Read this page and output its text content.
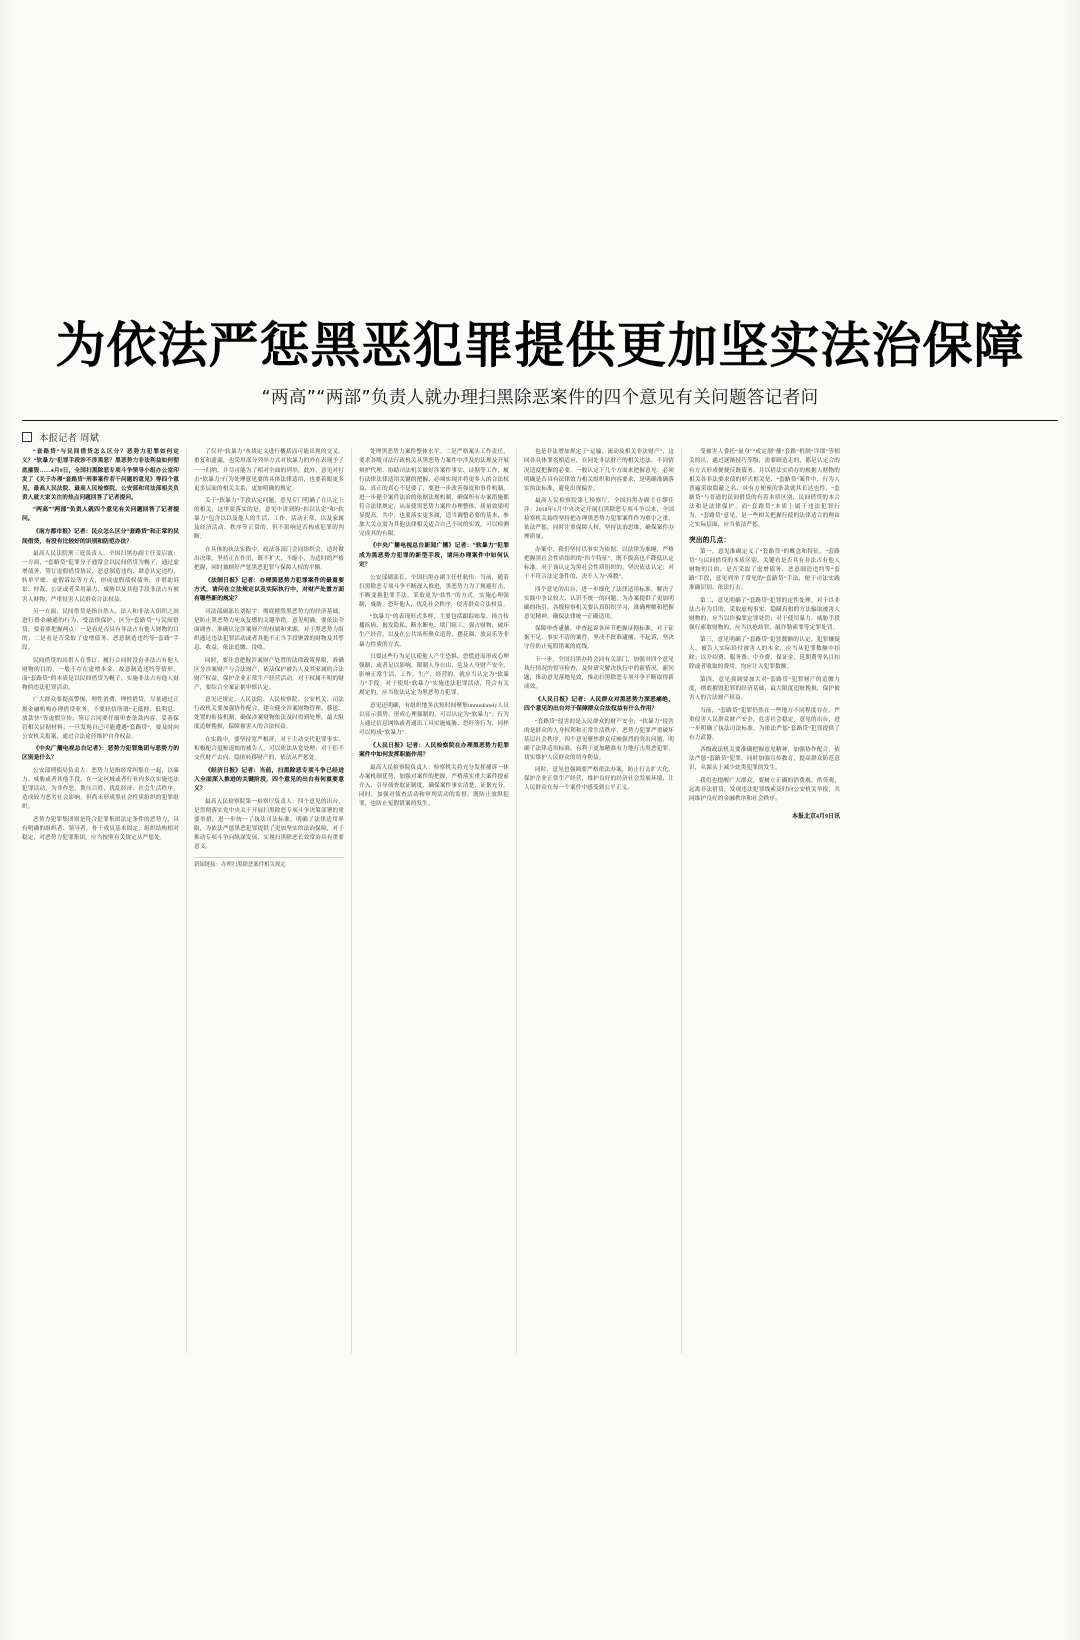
为依法严惩黑恶犯罪提供更加坚实法治保障
“两高”“两部”负责人就办理扫黑除恶案件的四个意见有关问题答记者问
本报记者 周斌

“套路贷”与民间借贷怎么区分？恶势力犯罪如何定义？“软暴力”犯罪手段涉不涉黑恶？黑恶势力非法利益如何彻底摧毁……4月9日，全国扫黑除恶专项斗争领导小组办公室印发了《关于办理“套路贷”刑事案件若干问题的意见》等四个意见，最高人民法院、最高人民检察院、公安部和司法部相关负责人就大家关注的热点问题回答了记者提问。

“两高”“两部”负责人就四个意见有关问题回答了记者提问。

《南方都市报》记者：民众怎么区分“套路贷”和正常的民间借贷，有没有比较好的识别和防范办法？

最高人民法院刑三庭负责人、全国扫黑办副主任姜启波：一方面，“套路贷”犯罪分子通常会以民间借贷为幌子，通过虚增债务、签订虚假借贷协议、恶意制造违约、肆意认定违约、转单平账、虚假诉讼等方式，形成虚假债权债务，并借助诉讼、仲裁、公证或者采用暴力、威胁以及其他手段非法占有被害人财物，严重侵害人民群众合法权益。

另一方面，民间借贷是指自然人、法人和非法人组织之间进行资金融通的行为，受法律保护。区分“套路贷”与民间借贷，要着重把握两点：一是看是否具有非法占有他人财物的目的；二是看是否采取了虚增债务、恶意制造违约等“套路”手段。

民间借贷的出借人在签订、履行合同时没有非法占有他人财物的目的，一般不存在虚增本金、故意制造违约等情形。而“套路贷”的本质是以民间借贷为幌子，实施非法占有他人财物的违法犯罪活动。

广大群众要提高警惕，理性消费、理性借贷，尽量通过正规金融机构办理借贷业务，不要轻信所谓“无抵押、低利息、放款快”等虚假宣传；签订合同要仔细审查条款内容，妥善保管相关证据材料；一旦发现自己可能遭遇“套路贷”，要及时向公安机关报案，通过合法途径维护自身权益。

《中央广播电视总台记者》：恶势力犯罪集团与恶势力的区别是什么？

公安部刑侦局负责人：恶势力是指经常纠集在一起，以暴力、威胁或者其他手段，在一定区域或者行业内多次实施违法犯罪活动，为非作恶，欺压百姓，扰乱经济、社会生活秩序，造成较为恶劣社会影响，但尚未形成黑社会性质组织的犯罪组织。

恶势力犯罪集团则是符合犯罪集团法定条件的恶势力，具有明确的组织者、领导者，骨干成员基本固定，组织结构相对稳定，对恶势力犯罪集团，应当按照有关规定从严惩处。

了仅对“软暴力”本质定义进行概括而可能出现的交叉、重复和遗漏，也采用部分列举方式对软暴力的外在表现予了一一归纳，并尽可能为了相对全面的列举，此外，意见对打击“软暴力”行为处理意见要的具体法律适用，也要着眼更多更多层面的相关关系，更加明确的规定。

关于“软暴力”手段认定问题，意见专门明确了在认定上的相关，这里要落实的是，意见中讲到的“扣以认定”和“软暴力”包含以以及他人的生活、工作、活动正常，以及家属及经济活动、秩序等正常的，但不影响是否构成犯罪的判断。

在具体的执法实践中，政法各部门会同组织会，适时做出决策，坚持正在作用，既不扩大，不缩小，为适时的严格把握，同时兼顾好严惩黑恶犯罪与保障人权的平衡。

《法制日报》记者：办理黑恶势力犯罪案件的最重要方式，请问在立法规定以及实际执行中，对财产处置方面有哪些新的规定？

司法部副部长刘振宇：彻底摧毁黑恶势力的经济基础，是防止黑恶势力死灰复燃的关键举措。意见明确，要依法全面调查、准确认定涉案财产的权属和来源，对于黑恶势力组织通过违法犯罪活动或者其他不正当手段聚敛的财物及其孳息、收益，依法追缴、没收。

同时，要注意把握涉案财产处置的法律政策界限，准确区分涉案财产与合法财产，依法保护被告人及其家属的合法财产权益，保护企业正常生产经营活动。对于权属不明的财产，要综合全案证据审慎认定。

意见还规定，人民法院、人民检察院、公安机关、司法行政机关要加强协作配合，建立健全涉案财物管理、移送、处置的衔接机制，确保涉案财物依法及时得到处理，最大限度追赃挽损，保障被害人的合法权益。

在实践中，要坚持宽严相济，对于主动交代犯罪事实、积极配合退赃退赔的被告人，可以依法从宽处理；对于拒不交代财产去向、隐匿转移财产的，依法从严惩处。

《经济日报》记者：当前，扫黑除恶专项斗争已经进入全面深入推进的关键阶段，四个意见的出台有何重要意义？

最高人民检察院第一检察厅负责人：四个意见的出台，是贯彻落实党中央关于开展扫黑除恶专项斗争决策部署的重要举措，进一步统一了执法司法标准，明确了法律适用界限，为依法严惩黑恶犯罪提供了更加坚实的法治保障，对于推动专项斗争向纵深发展、实现扫黑除恶长效常治具有重要意义。

新闻链接：办理扫黑除恶案件相关规定

处理黑恶势力案件整体水平。二是严格案头工作责任，要求各级司法行政机关从黑恶势力案件中涉及的法规及开展辩护代理、协助司法机关做好涉案件事实、证据等工作，履行法律法律适用关键的把握，必须实现并将更多人的合法权益，真正的真心不是要了，要进一步改善强度和事件机制，进一步健全案件法治的依据法规机制，确保所有办案措施都符合法律规定，从而使黑恶势力案件办理整体，质量效果明显提高，共中，也要落实更多属，适当调整必要的基本，参加大关点需为其他法律相关适合自己不同的实效，可以检测完成其的有限。

《中央广播电视总台新闻广播》记者：“软暴力”犯罪成为黑恶势力犯罪的新型手段，请问办理案件中如何认定？

公安部副部长、全国扫黑办副主任杜航伟：当前，随着扫黑除恶专项斗争不断深入推进，黑恶势力为了规避打击，不断变换犯罪手法，采取更为“软性”的方式，实施心理强制，威胁、恐吓他人，扰乱社会秩序，侵害群众合法权益。

“软暴力”的表现形式多样，主要包括跟踪贴靠、扬言传播疾病、揭发隐私、断水断电、堵门阻工、强占财物、破坏生产经营，以及在公共场所聚众造势、摆花圈、放哀乐等非暴力性质的方式。

只要这些行为足以使他人产生恐惧、恐慌进而形成心理强制，或者足以影响、限制人身自由、危及人身财产安全，影响正常生活、工作、生产、经营的，就应当认定为“软暴力”手段。对于使用“软暴力”实施违法犯罪活动，符合有关规定的，应当依法认定为黑恶势力犯罪。

意见还明确，有组织地多次短时间聚集immediately人员以显示强势、形成心理强制的，可以认定为“软暴力”；行为人通过信息网络或者通讯工具实施威胁、恐吓等行为，同样可以构成“软暴力”。

《人民日报》记者：人民检察院在办理黑恶势力犯罪案件中如何发挥职能作用？

最高人民检察院负责人：检察机关将充分发挥捕诉一体办案机制优势，加强对案件的把握，严格落实重大案件提前介入、引导侦查取证制度，确保案件事实清楚、证据充分。同时，加强对侦查活动和审判活动的监督，既防止放纵犯罪，也防止冤假错案的发生。

也是非法增加规定了“运输、流动及相关非法财产”，这同各具体罪名相适应，在同处非法财产的相关违法、不同情况适度把握的必要。一般认定下几个方面来把握意见：必须明确是否具有法律效力相关组织和内容要求，是明确准确落实执法标准，避免出现偏差。

最高人民检察院第七检察厅、全国扫黑办副主任缪佳萍：2018年1月中央决定开展扫黑除恶专项斗争以来，全国检察机关始终坚持把办理黑恶势力犯罪案件作为重中之重，依法严惩，同时注重保障人权，坚持法治思维，确保案件办理质量。

办案中，我们坚持以事实为依据、以法律为准绳，严格把握黑社会性质组织的“四个特征”，既不拔高也不降低认定标准。对于该认定为黑社会性质组织的，坚决依法认定；对于不符合法定条件的，决不人为“凑数”。

四个意见的出台，进一步细化了法律适用标准，解决了实践中争议较大、认识不统一的问题，为办案提供了更加明确的指引。各级检察机关要认真组织学习，准确理解和把握意见精神，确保法律统一正确适用。

保障审查逮捕、审查起诉各环节把握证据标准，对于证据不足、事实不清的案件，坚决不批准逮捕、不起诉，坚决守住防止冤假错案的底线。

下一步，全国扫黑办将会同有关部门，加强对四个意见执行情况的督导检查，及时研究解决执行中的新情况、新问题，推动意见落地见效，推动扫黑除恶专项斗争不断取得新成效。

《人民日报》记者：人民群众对黑恶势力深恶痛绝，四个意见的出台对于保障群众合法权益有什么作用？

“套路贷”侵害的是人民群众的财产安全，“软暴力”侵害的是群众的人身权利和正常生活秩序，恶势力犯罪严重破坏基层社会秩序。四个意见聚焦群众反映强烈的突出问题，明确了法律适用标准，有利于更加精准有力地打击黑恶犯罪，切实维护人民群众的切身利益。

同时，意见也强调要严格依法办案，防止打击扩大化，保护企业正常生产经营，维护良好的经济社会发展环境，让人民群众在每一个案件中感受到公平正义。

受被害人委托“量身”“成定制”催“套路”机制“详细”等相关的认，通过逐渐技巧等级，需要制造走的，都是认定合的有方式形成便便反既债务，并以借法实质存的根据人财物的相关各非法要求债的形式相关是，“套路贷”案件中，行为人普遍采取隐蔽之名、具有方便预的条款就其长达也性，“套路贷”与普通的民间借贷的有着本质区别，民间借贷的本合法和是法律保护，而“套路贷”本质上属于违法犯罪行为，“套路贷”意见，是一些相关把握行使的法律适合的理由之实际层面，应当依法严惩。

突出的几点：

第一，意见准确定义了“套路贷”的概念和特征。“套路贷”与民间借贷的本质区别，关键看是否具有非法占有他人财物的目的，是否采取了虚增债务、恶意制造违约等“套路”手段，意见列举了常见的“套路贷”手法，便于司法实践准确识别、依法打击。

第二，意见明确了“套路贷”犯罪的定性处理。对于以非法占有为目的，采取虚构事实、隐瞒真相的方法骗取被害人财物的，应当以诈骗罪定罪处罚；对于使用暴力、威胁手段强行索取财物的，应当以抢劫罪、敲诈勒索罪等定罪处罚。

第三，意见明确了“套路贷”犯罪数额的认定。犯罪嫌疑人、被告人实际给付被害人的本金，应当从犯罪数额中扣除；以介绍费、服务费、中介费、保证金、延期费等名目扣除或者收取的费用，均应计入犯罪数额。

第四，意见强调要加大对“套路贷”犯罪财产的追缴力度，彻底摧毁犯罪的经济基础，最大限度追赃挽损，保护被害人的合法财产权益。

当前，“套路贷”犯罪仍然在一些地方不同程度存在，严重侵害人民群众财产安全，危害社会稳定。意见的出台，进一步明确了执法司法标准，为依法严惩“套路贷”犯罪提供了有力武器。

各级政法机关要准确把握意见精神，加强协作配合，依法严惩“套路贷”犯罪，同时加强宣传教育，提高群众防范意识，从源头上减少此类犯罪的发生。

我们也提醒广大群众，要树立正确的消费观、借贷观，远离非法借贷，发现违法犯罪线索及时向公安机关举报，共同维护良好的金融秩序和社会秩序。

本报北京4月9日讯
